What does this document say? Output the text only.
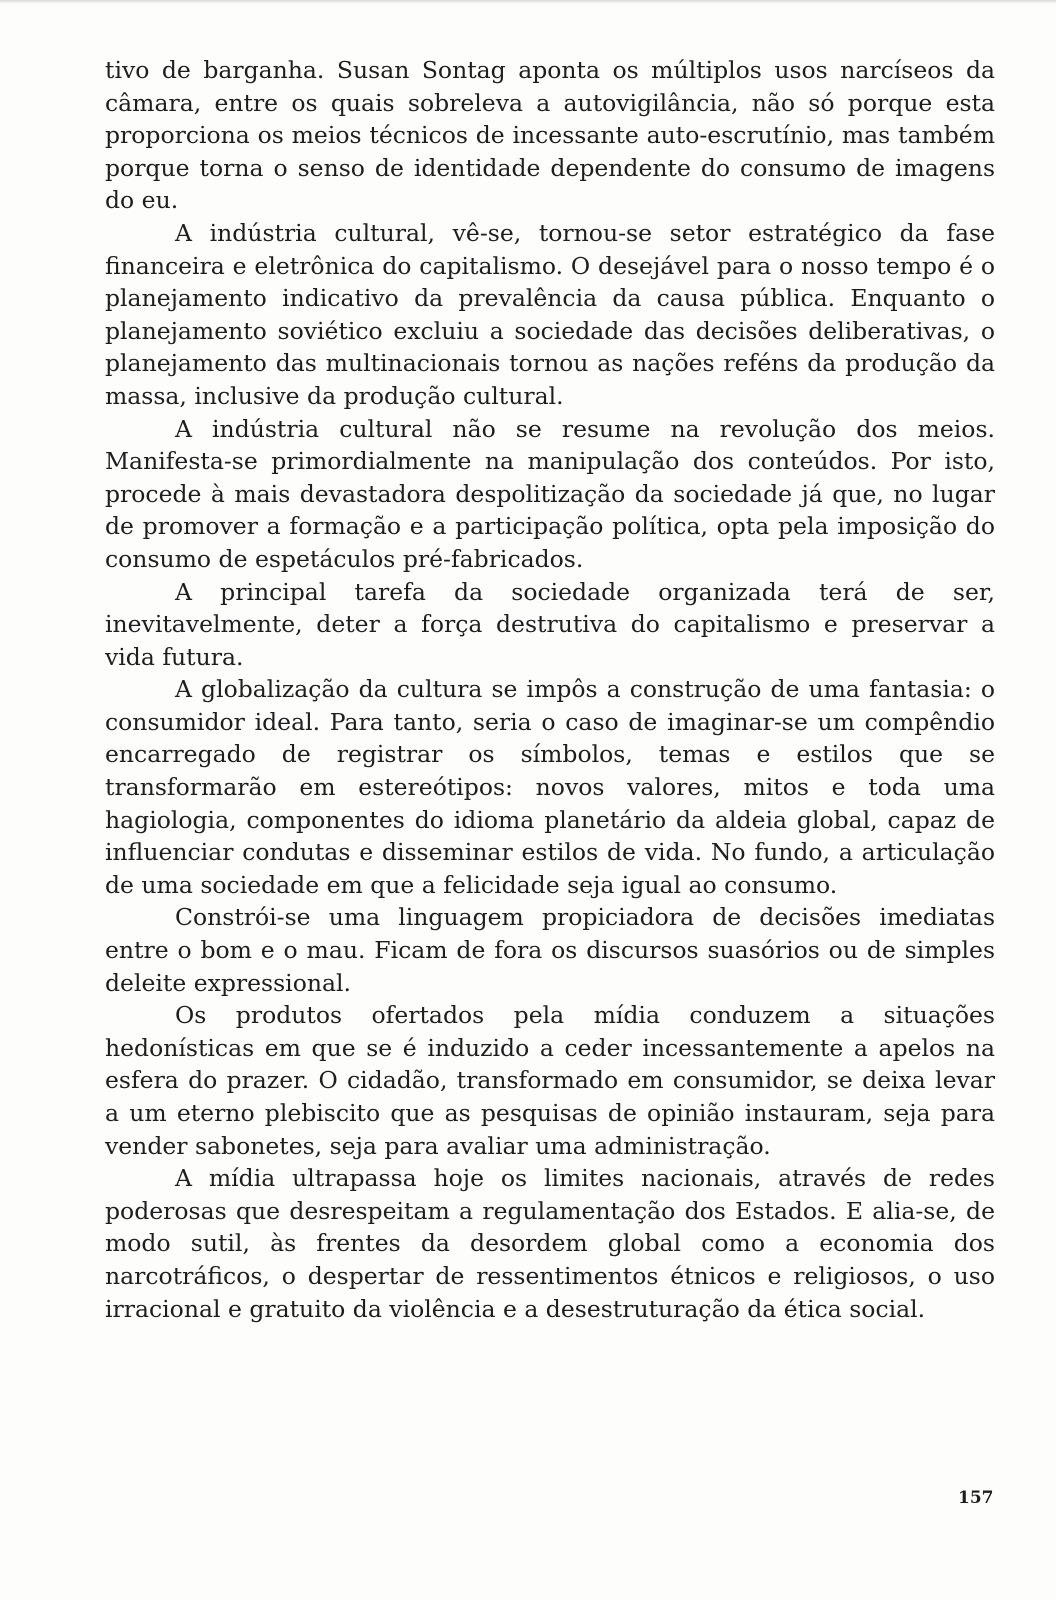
tivo de barganha. Susan Sontag aponta os múltiplos usos narcíseos da câmara, entre os quais sobreleva a autovigilância, não só porque esta proporciona os meios técnicos de incessante auto-escrutínio, mas também porque torna o senso de identidade dependente do consumo de imagens do eu.

A indústria cultural, vê-se, tornou-se setor estratégico da fase financeira e eletrônica do capitalismo. O desejável para o nosso tempo é o planejamento indicativo da prevalência da causa pública. Enquanto o planejamento soviético excluiu a sociedade das decisões deliberativas, o planejamento das multinacionais tornou as nações reféns da produção da massa, inclusive da produção cultural.

A indústria cultural não se resume na revolução dos meios. Manifesta-se primordialmente na manipulação dos conteúdos. Por isto, procede à mais devastadora despolitização da sociedade já que, no lugar de promover a formação e a participação política, opta pela imposição do consumo de espetáculos pré-fabricados.

A principal tarefa da sociedade organizada terá de ser, inevitavelmente, deter a força destrutiva do capitalismo e preservar a vida futura.

A globalização da cultura se impôs a construção de uma fantasia: o consumidor ideal. Para tanto, seria o caso de imaginar-se um compêndio encarregado de registrar os símbolos, temas e estilos que se transformarão em estereótipos: novos valores, mitos e toda uma hagiologia, componentes do idioma planetário da aldeia global, capaz de influenciar condutas e disseminar estilos de vida. No fundo, a articulação de uma sociedade em que a felicidade seja igual ao consumo.

Constrói-se uma linguagem propiciadora de decisões imediatas entre o bom e o mau. Ficam de fora os discursos suasórios ou de simples deleite expressional.

Os produtos ofertados pela mídia conduzem a situações hedonísticas em que se é induzido a ceder incessantemente a apelos na esfera do prazer. O cidadão, transformado em consumidor, se deixa levar a um eterno plebiscito que as pesquisas de opinião instauram, seja para vender sabonetes, seja para avaliar uma administração.

A mídia ultrapassa hoje os limites nacionais, através de redes poderosas que desrespeitam a regulamentação dos Estados. E alia-se, de modo sutil, às frentes da desordem global como a economia dos narcotráficos, o despertar de ressentimentos étnicos e religiosos, o uso irracional e gratuito da violência e a desestruturação da ética social.

157
